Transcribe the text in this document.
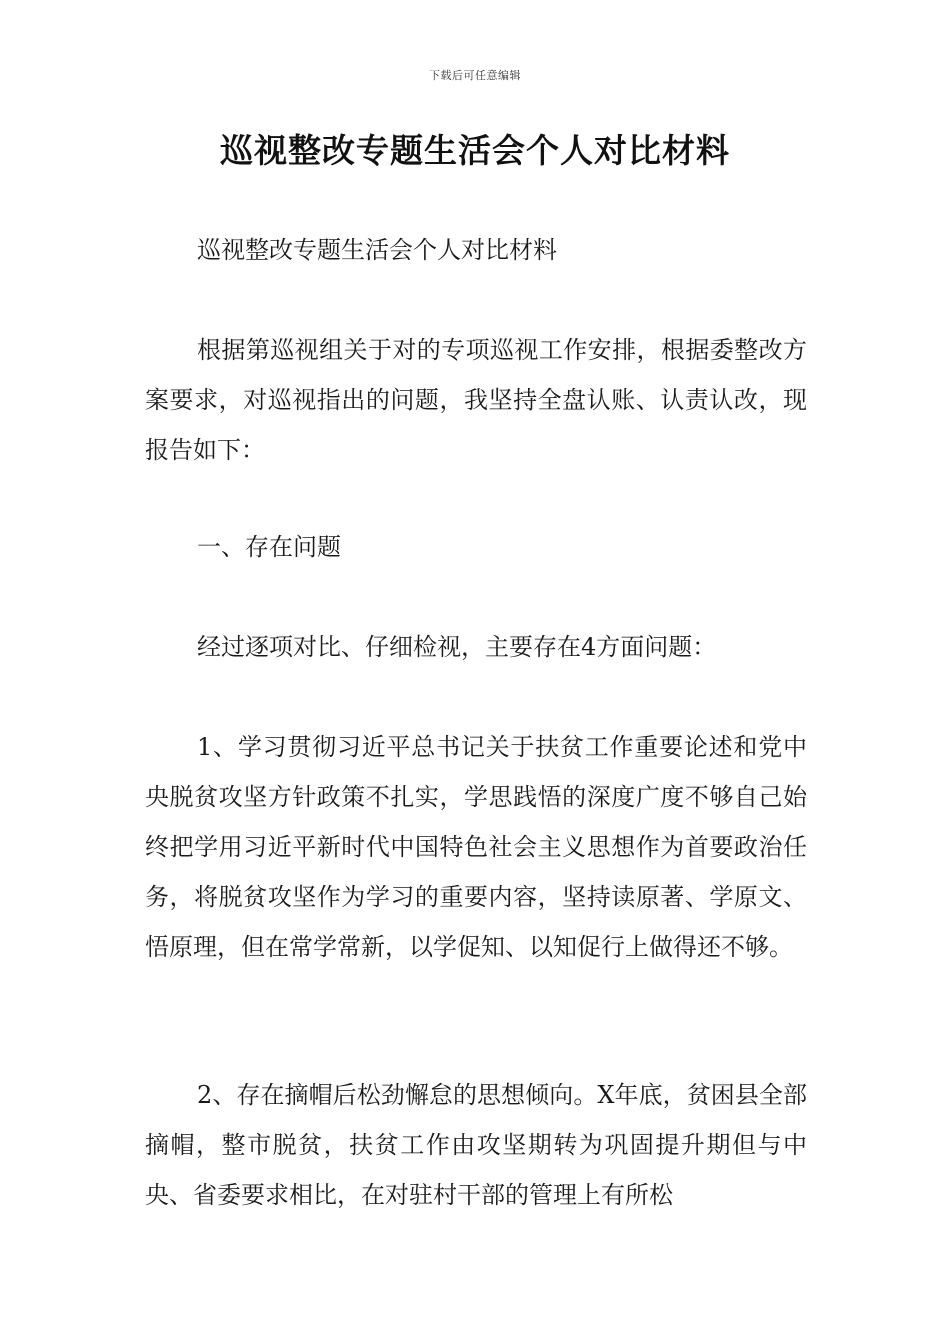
下载后可任意编辑
巡视整改专题生活会个人对比材料

巡视整改专题生活会个人对比材料

根据第巡视组关于对的专项巡视工作安排，根据委整改方案要求，对巡视指出的问题，我坚持全盘认账、认责认改，现报告如下：

一、存在问题

经过逐项对比、仔细检视，主要存在4方面问题：

1、学习贯彻习近平总书记关于扶贫工作重要论述和党中央脱贫攻坚方针政策不扎实，学思践悟的深度广度不够自己始终把学用习近平新时代中国特色社会主义思想作为首要政治任务，将脱贫攻坚作为学习的重要内容，坚持读原著、学原文、悟原理，但在常学常新，以学促知、以知促行上做得还不够。

2、存在摘帽后松劲懈怠的思想倾向。X年底，贫困县全部摘帽，整市脱贫，扶贫工作由攻坚期转为巩固提升期但与中央、省委要求相比，在对驻村干部的管理上有所松
